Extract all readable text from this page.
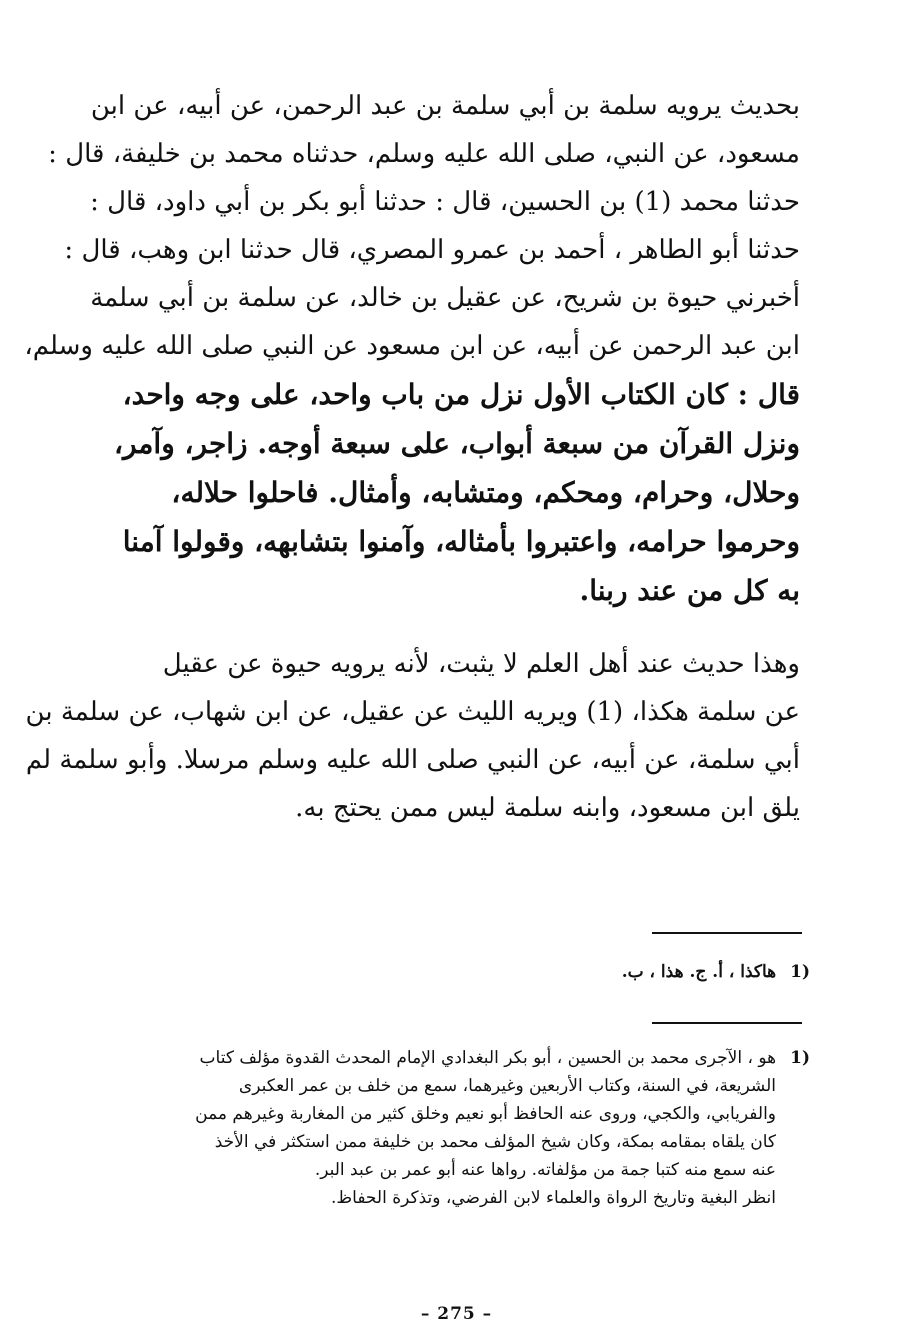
بحديث يرويه سلمة بن أبي سلمة بن عبد الرحمن، عن أبيه، عن ابن
مسعود، عن النبي، صلى الله عليه وسلم، حدثناه محمد بن خليفة، قال :
حدثنا محمد (1) بن الحسين، قال : حدثنا أبو بكر بن أبي داود، قال :
حدثنا أبو الطاهر ، أحمد بن عمرو المصري، قال حدثنا ابن وهب، قال :
أخبرني حيوة بن شريح، عن عقيل بن خالد، عن سلمة بن أبي سلمة
ابن عبد الرحمن عن أبيه، عن ابن مسعود عن النبي صلى الله عليه وسلم،
قال : كان الكتاب الأول نزل من باب واحد، على وجه واحد،
ونزل القرآن من سبعة أبواب، على سبعة أوجه. زاجر، وآمر،
وحلال، وحرام، ومحكم، ومتشابه، وأمثال. فاحلوا حلاله،
وحرموا حرامه، واعتبروا بأمثاله، وآمنوا بتشابهه، وقولوا آمنا
به كل من عند ربنا.
وهذا حديث عند أهل العلم لا يثبت، لأنه يرويه حيوة عن عقيل
عن سلمة هكذا، (1) ويريه الليث عن عقيل، عن ابن شهاب، عن سلمة بن
أبي سلمة، عن أبيه، عن النبي صلى الله عليه وسلم مرسلا. وأبو سلمة لم
يلق ابن مسعود، وابنه سلمة ليس ممن يحتج به.
1)هاكذا ، أ. ج. هذا ، ب.
1)هو ، الآجرى محمد بن الحسين ، أبو بكر البغدادي الإمام المحدث القدوة مؤلف كتاب
الشريعة، في السنة، وكتاب الأربعين وغيرهما، سمع من خلف بن عمر العكبرى
والفريابي، والكجي، وروى عنه الحافظ أبو نعيم وخلق كثير من المغاربة وغيرهم ممن
كان يلقاه بمقامه بمكة، وكان شيخ المؤلف محمد بن خليفة ممن استكثر في الأخذ
عنه سمع منه كتبا جمة من مؤلفاته. رواها عنه أبو عمر بن عبد البر.
انظر البغية وتاريخ الرواة والعلماء لابن الفرضي، وتذكرة الحفاظ.
– 275 –
